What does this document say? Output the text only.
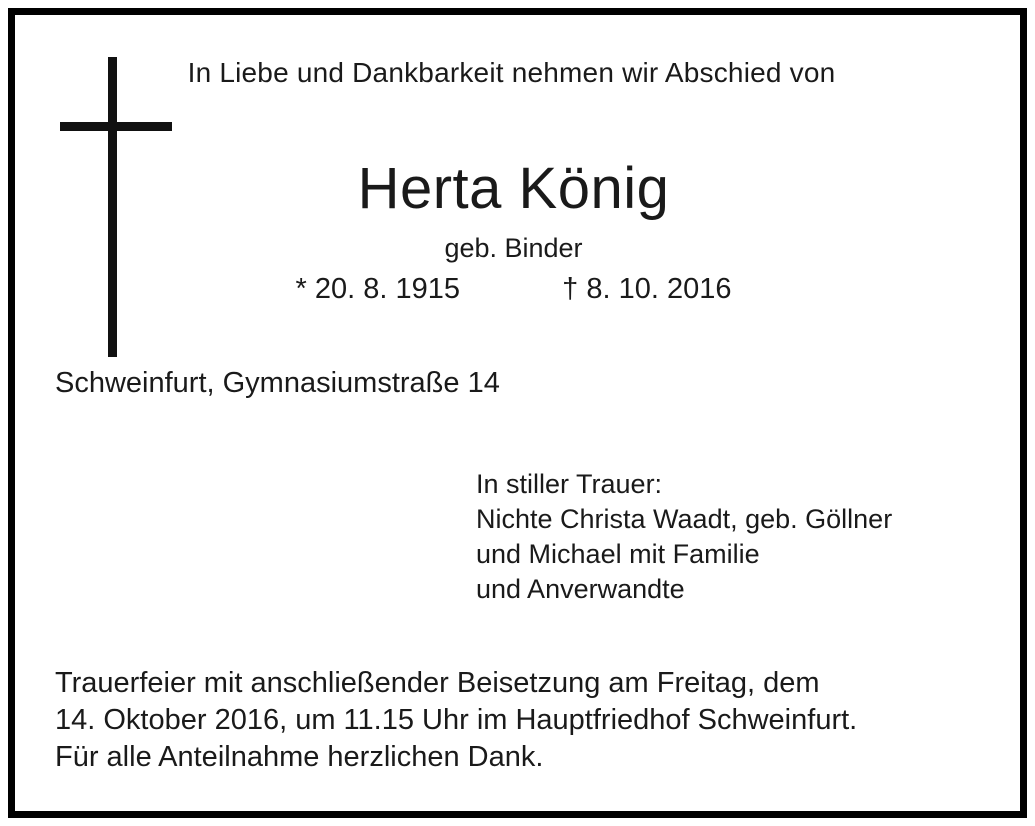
In Liebe und Dankbarkeit nehmen wir Abschied von
Herta König
geb. Binder
* 20. 8. 1915	† 8. 10. 2016
Schweinfurt, Gymnasiumstraße 14
In stiller Trauer:
Nichte Christa Waadt, geb. Göllner
und Michael mit Familie
und Anverwandte
Trauerfeier mit anschließender Beisetzung am Freitag, dem
14. Oktober 2016, um 11.15 Uhr im Hauptfriedhof Schweinfurt.
Für alle Anteilnahme herzlichen Dank.
